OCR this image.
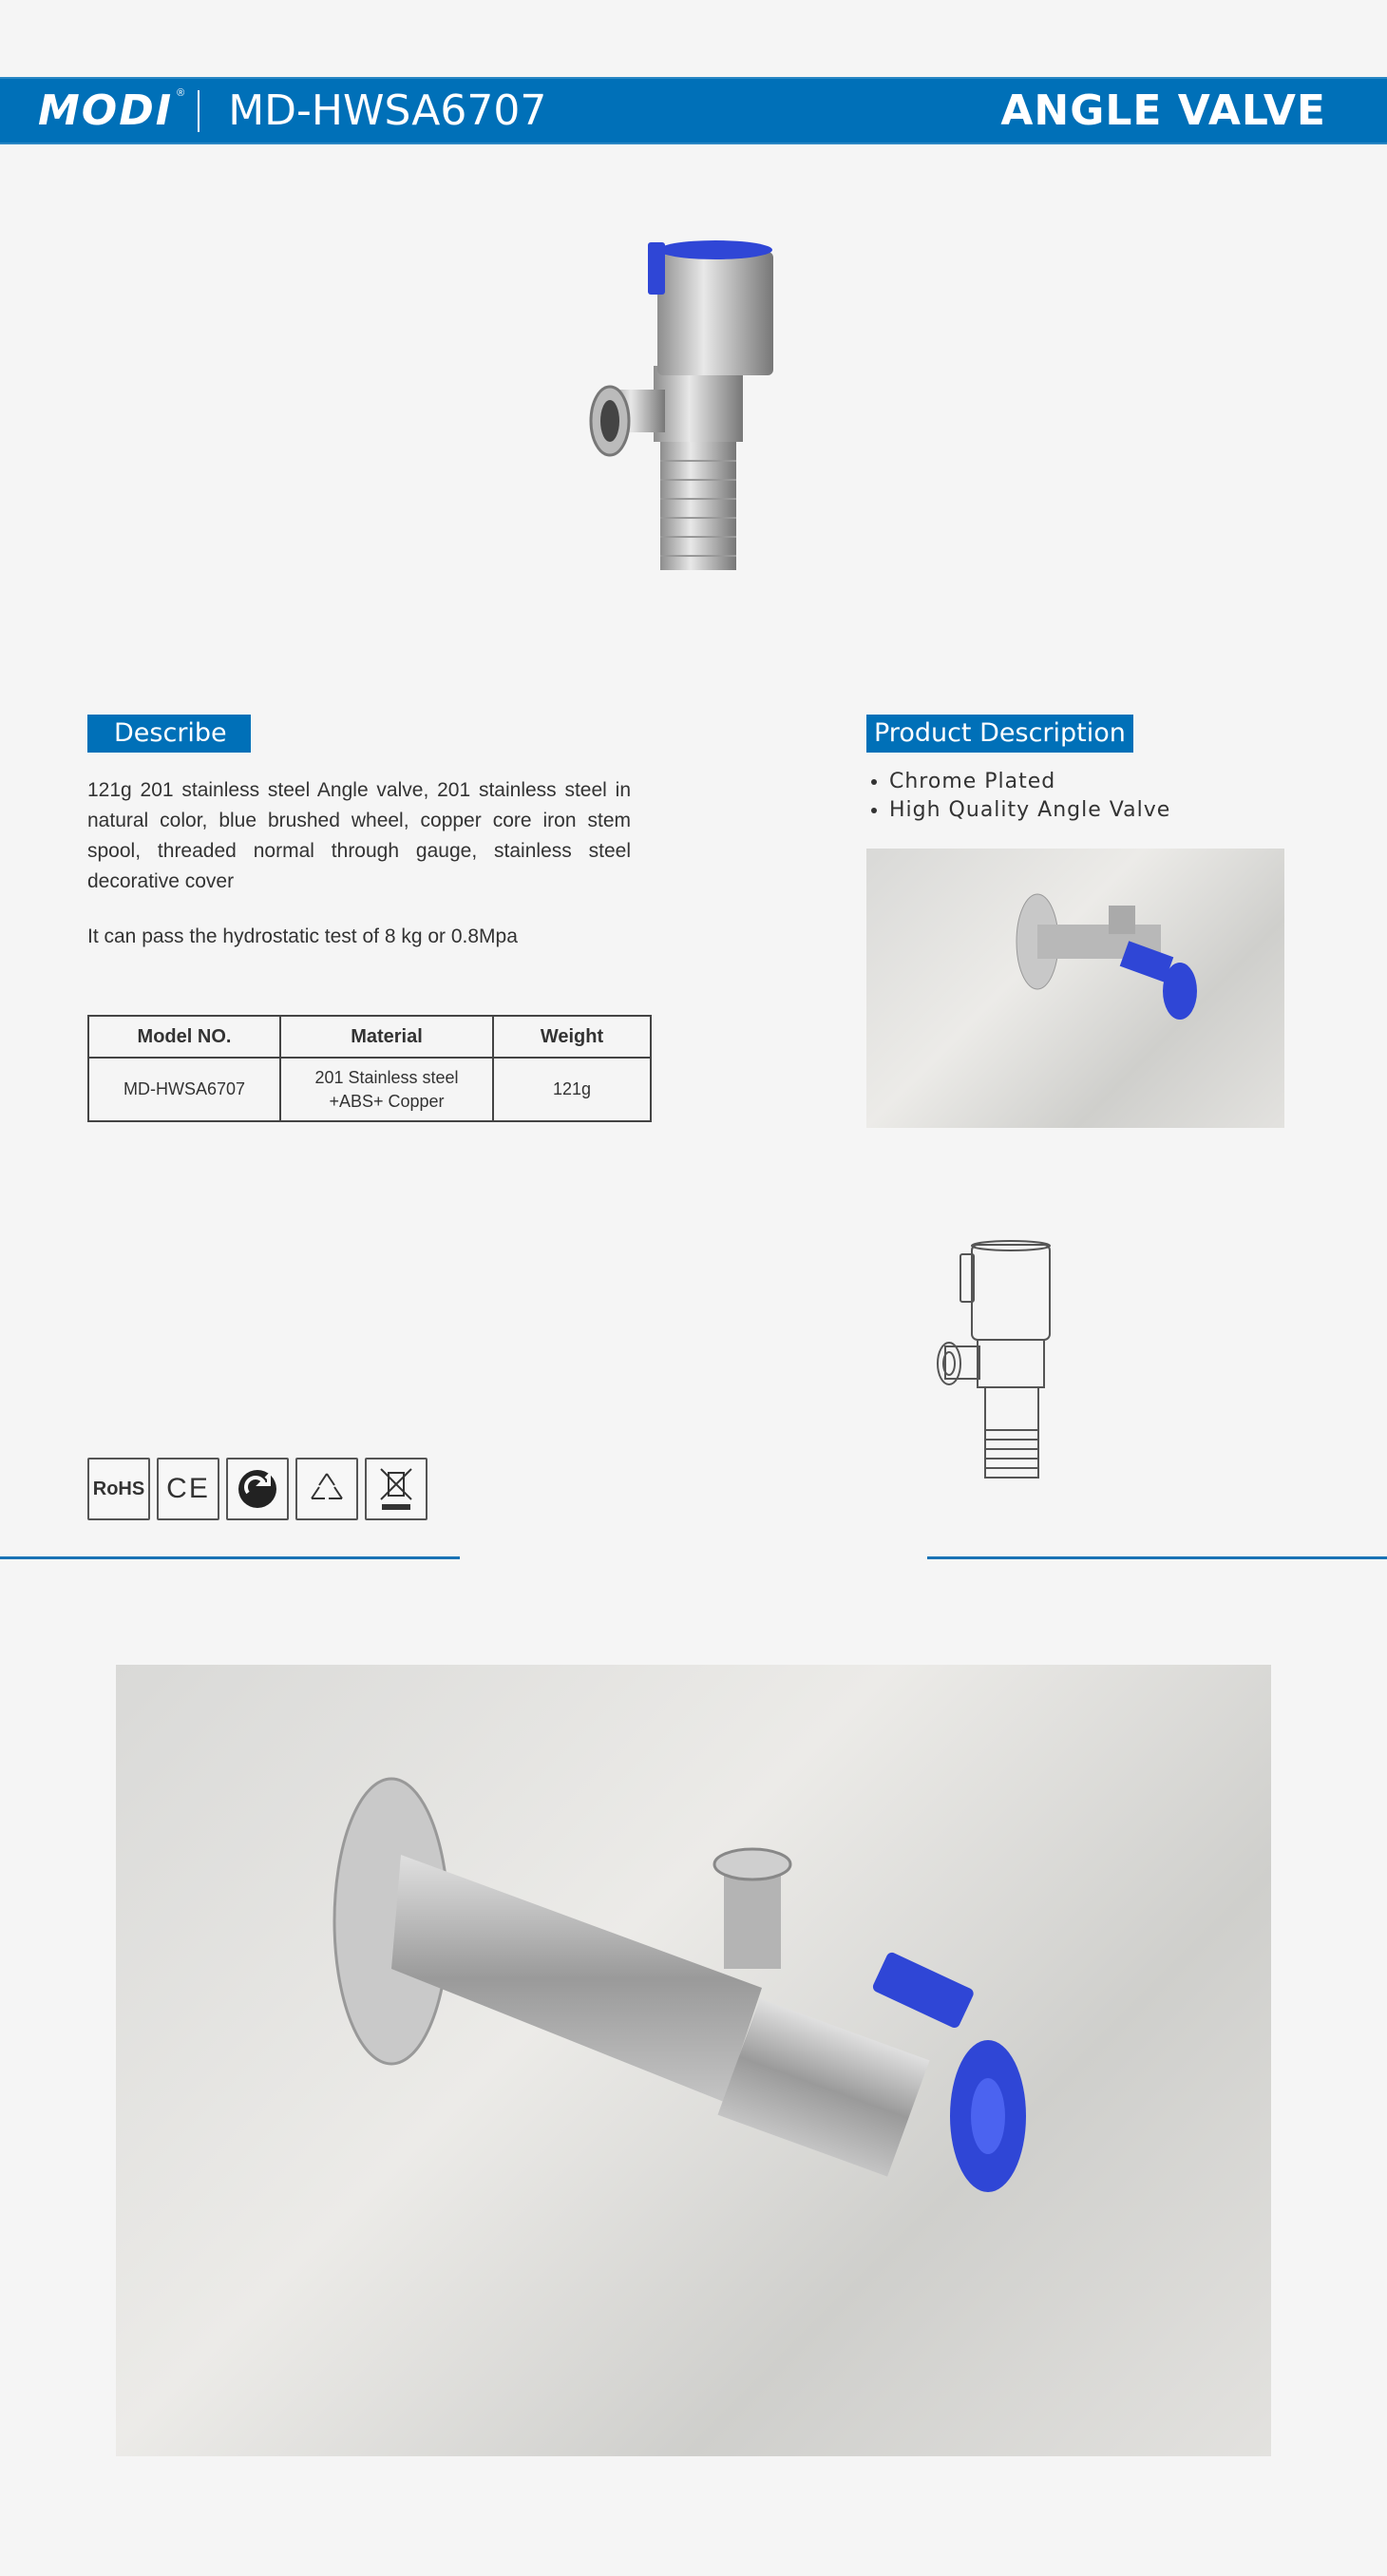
MODI ® MD-HWSA6707	ANGLE VALVE
Describe

121g 201 stainless steel Angle valve, 201 stainless steel in natural color, blue brushed wheel, copper core iron stem spool, threaded normal through gauge, stainless steel decorative cover

It can pass the hydrostatic test of 8 kg or 0.8Mpa

Model NO.	Material	Weight
MD-HWSA6707	201 Stainless steel +ABS+ Copper	121g
Product Description
• Chrome Plated
• High Quality Angle Valve
RoHS CE
